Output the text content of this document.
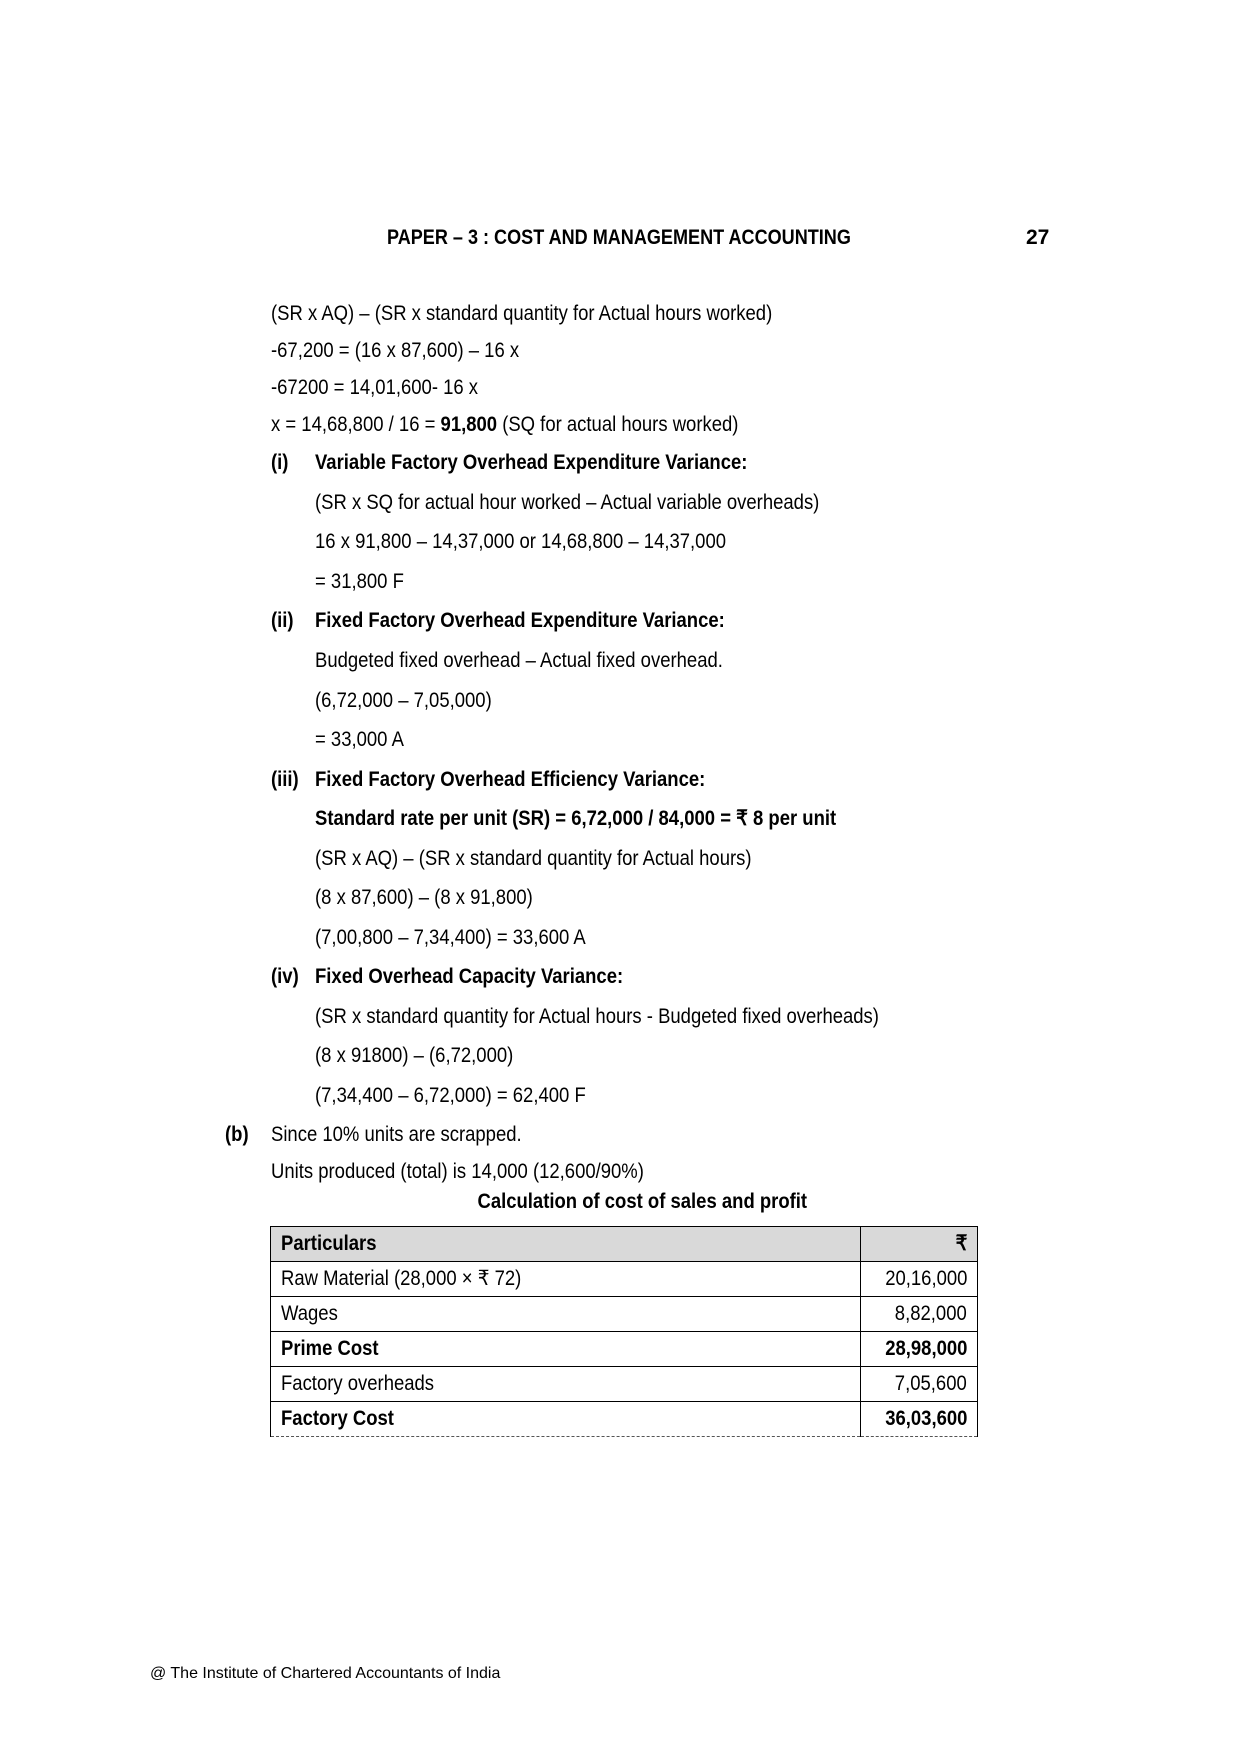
PAPER – 3 : COST AND MANAGEMENT ACCOUNTING	27
(SR x AQ) – (SR x standard quantity for Actual hours worked)
-67,200 = (16 x 87,600) – 16 x
-67200 = 14,01,600- 16 x
x = 14,68,800 / 16 = 91,800 (SQ for actual hours worked)
(i) Variable Factory Overhead Expenditure Variance:
(SR x SQ for actual hour worked – Actual variable overheads)
16 x 91,800 – 14,37,000 or 14,68,800 – 14,37,000
= 31,800 F
(ii) Fixed Factory Overhead Expenditure Variance:
Budgeted fixed overhead – Actual fixed overhead.
(6,72,000 – 7,05,000)
= 33,000 A
(iii) Fixed Factory Overhead Efficiency Variance:
Standard rate per unit (SR) = 6,72,000 / 84,000 = ₹ 8 per unit
(SR x AQ) – (SR x standard quantity for Actual hours)
(8 x 87,600) – (8 x 91,800)
(7,00,800 – 7,34,400) = 33,600 A
(iv) Fixed Overhead Capacity Variance:
(SR x standard quantity for Actual hours - Budgeted fixed overheads)
(8 x 91800) – (6,72,000)
(7,34,400 – 6,72,000) = 62,400 F
(b) Since 10% units are scrapped.
Units produced (total) is 14,000 (12,600/90%)
Calculation of cost of sales and profit
Particulars	₹
Raw Material (28,000 × ₹ 72)	20,16,000
Wages	8,82,000
Prime Cost	28,98,000
Factory overheads	7,05,600
Factory Cost	36,03,600
@ The Institute of Chartered Accountants of India
